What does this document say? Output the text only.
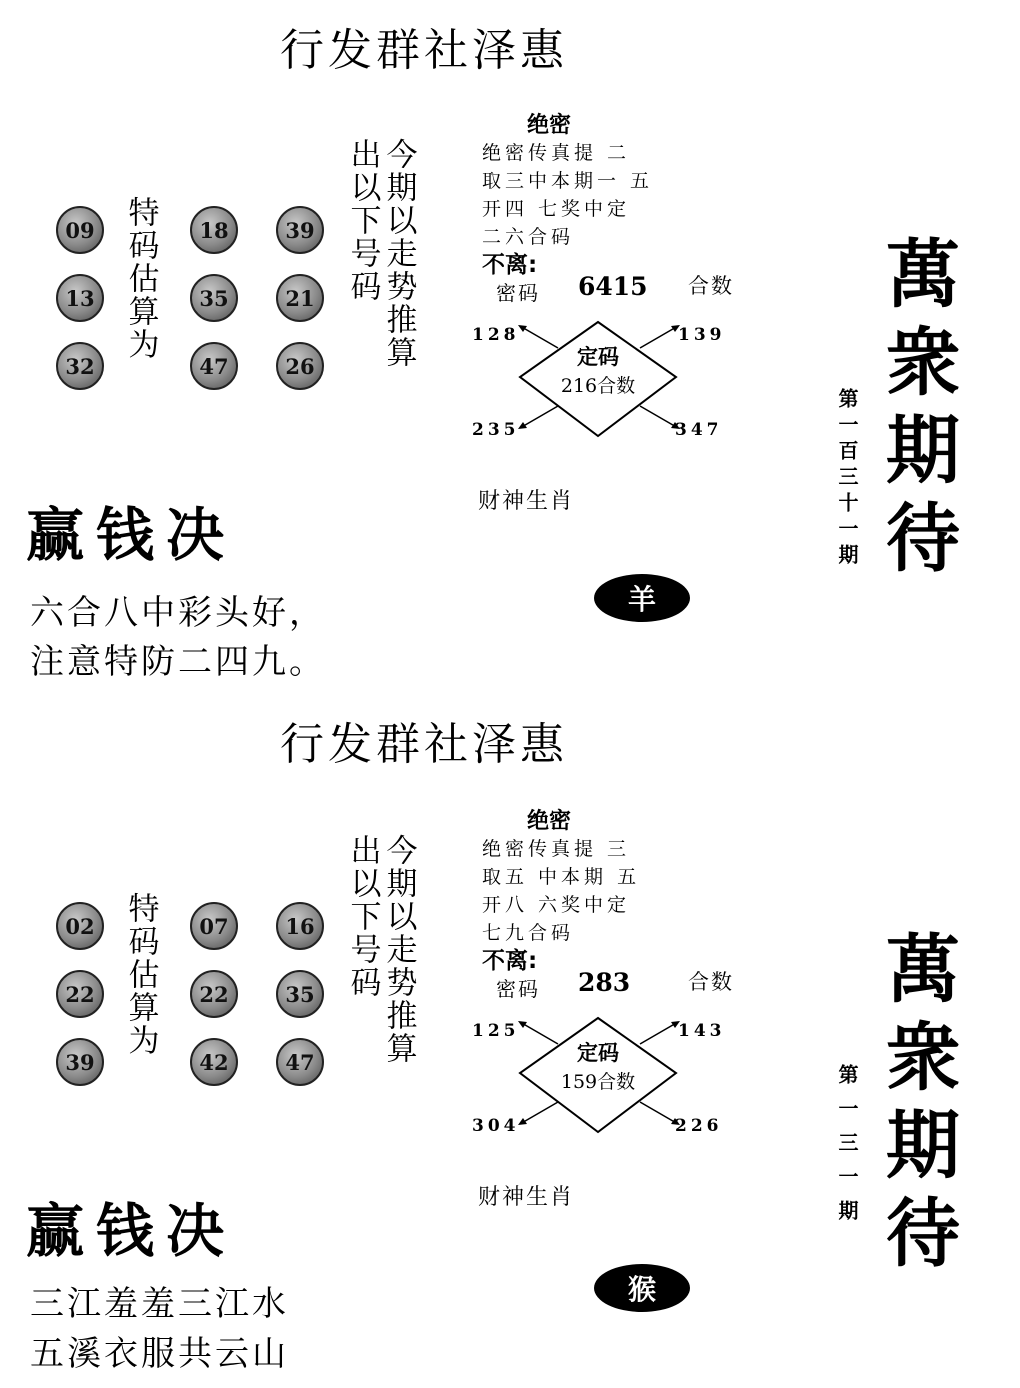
行发群社泽惠
09	18	39
13	35	21
32	47	26
特码估算为	今期以走势推算
出以下号码
绝密
绝密传真提 二
取三中本期一 五
开四 七奖中定
二六合码
不离:
密码 6415 合数
128	139
235	347
定码
216合数
财神生肖
羊
萬衆期待
第一百三十一期
赢钱决
六合八中彩头好，
注意特防二四九。
行发群社泽惠
02	07	16
22	22	35
39	42	47
特码估算为	今期以走势推算
出以下号码
绝密
绝密传真提 三
取五 中本期 五
开八 六奖中定
七九合码
不离:
密码 283	合数
125	143
304	226
定码
159合数
财神生肖
猴
萬衆期待
第一三一期
赢钱决
三江羞羞三江水
五溪衣服共云山
